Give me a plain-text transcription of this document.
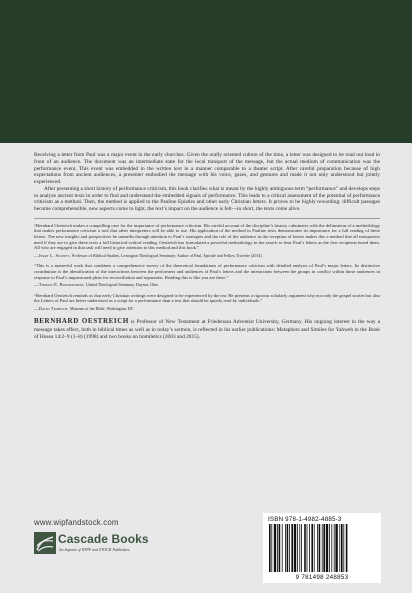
Receiving a letter from Paul was a major event in the early churches. Given the orally oriented culture of the time, a letter was designed to be read out loud in front of an audience. The document was an intermediate state for the local transport of the message, but the actual medium of communication was the performance event. This event was embedded in the written text in a manner comparable to a theater script. After careful preparation because of high expectations from ancient audiences, a presenter embodied the message with his voice, gazes, and gestures and made it not only understood but jointly experienced.

After presenting a short history of performance criticism, this book clarifies what is meant by the highly ambiguous term “performance” and develops steps to analyze ancient texts in order to find and understand the embedded signals of performance. This leads to a critical assessment of the potential of performance criticism as a method. Then, the method is applied to the Pauline Epistles and other early Christian letters. It proves to be highly rewarding: difficult passages become comprehensible, new aspects come to light, the text’s impact on the audience is felt—in short, the texts come alive.

“Bernhard Oestreich makes a compelling case for the importance of performance criticism. His careful account of the discipline’s history culminates with the delineation of a methodology that makes performance criticism a tool that other interpreters will be able to use. His application of the method to Pauline texts demonstrates its importance for a full reading of these letters. The new insights and perspectives he unearths through attention to Paul’s strategies and the role of the audience in the reception of letters makes this a method that all interpreters need if they are to give these texts a full historical-critical reading. Oestreich has formulated a powerful methodology in the search to hear Paul’s letters as the first recipients heard them. All who are engaged in that task will need to give attention to this method and this book.”
—Jerry L. Sumney, Professor of Biblical Studies, Lexington Theological Seminary; Author of Paul, Apostle and Fellow Traveler (2014)
“This is a masterful work that combines a comprehensive survey of the theoretical foundations of performance criticism with detailed analysis of Paul’s major letters. Its distinctive contribution is the identification of the interactions between the performers and audiences of Paul’s letters and the interactions between the groups in conflict within those audiences in response to Paul’s impassioned pleas for reconciliation and separation. Reading this is like you are there.”
—Thomas E. Boomershine, United Theological Seminary, Dayton, Ohio
“Bernhard Oestreich reminds us that early Christian writings were designed to be experienced by the ear. He presents a rigorous scholarly argument why not only the gospel stories but also the Letters of Paul are better understood as a script for a performance than a text that should be quietly read by individuals.”
—David Trobisch, Museum of the Bible, Washington, DC
BERNHARD OESTREICH is Professor of New Testament at Friedensau Adventist University, Germany. His ongoing interest in the way a message takes effect, both in biblical times as well as in today’s sermon, is reflected in his earlier publications: Metaphors and Similes for Yahweh in the Book of Hosea 14:2–9 (1–8) (1998) and two books on homiletics (2003 and 2015).
www.wipfandstock.com
Cascade Books
An Imprint of WIPF and STOCK Publishers
ISBN 978-1-4982-4885-3
9 781498 248853
